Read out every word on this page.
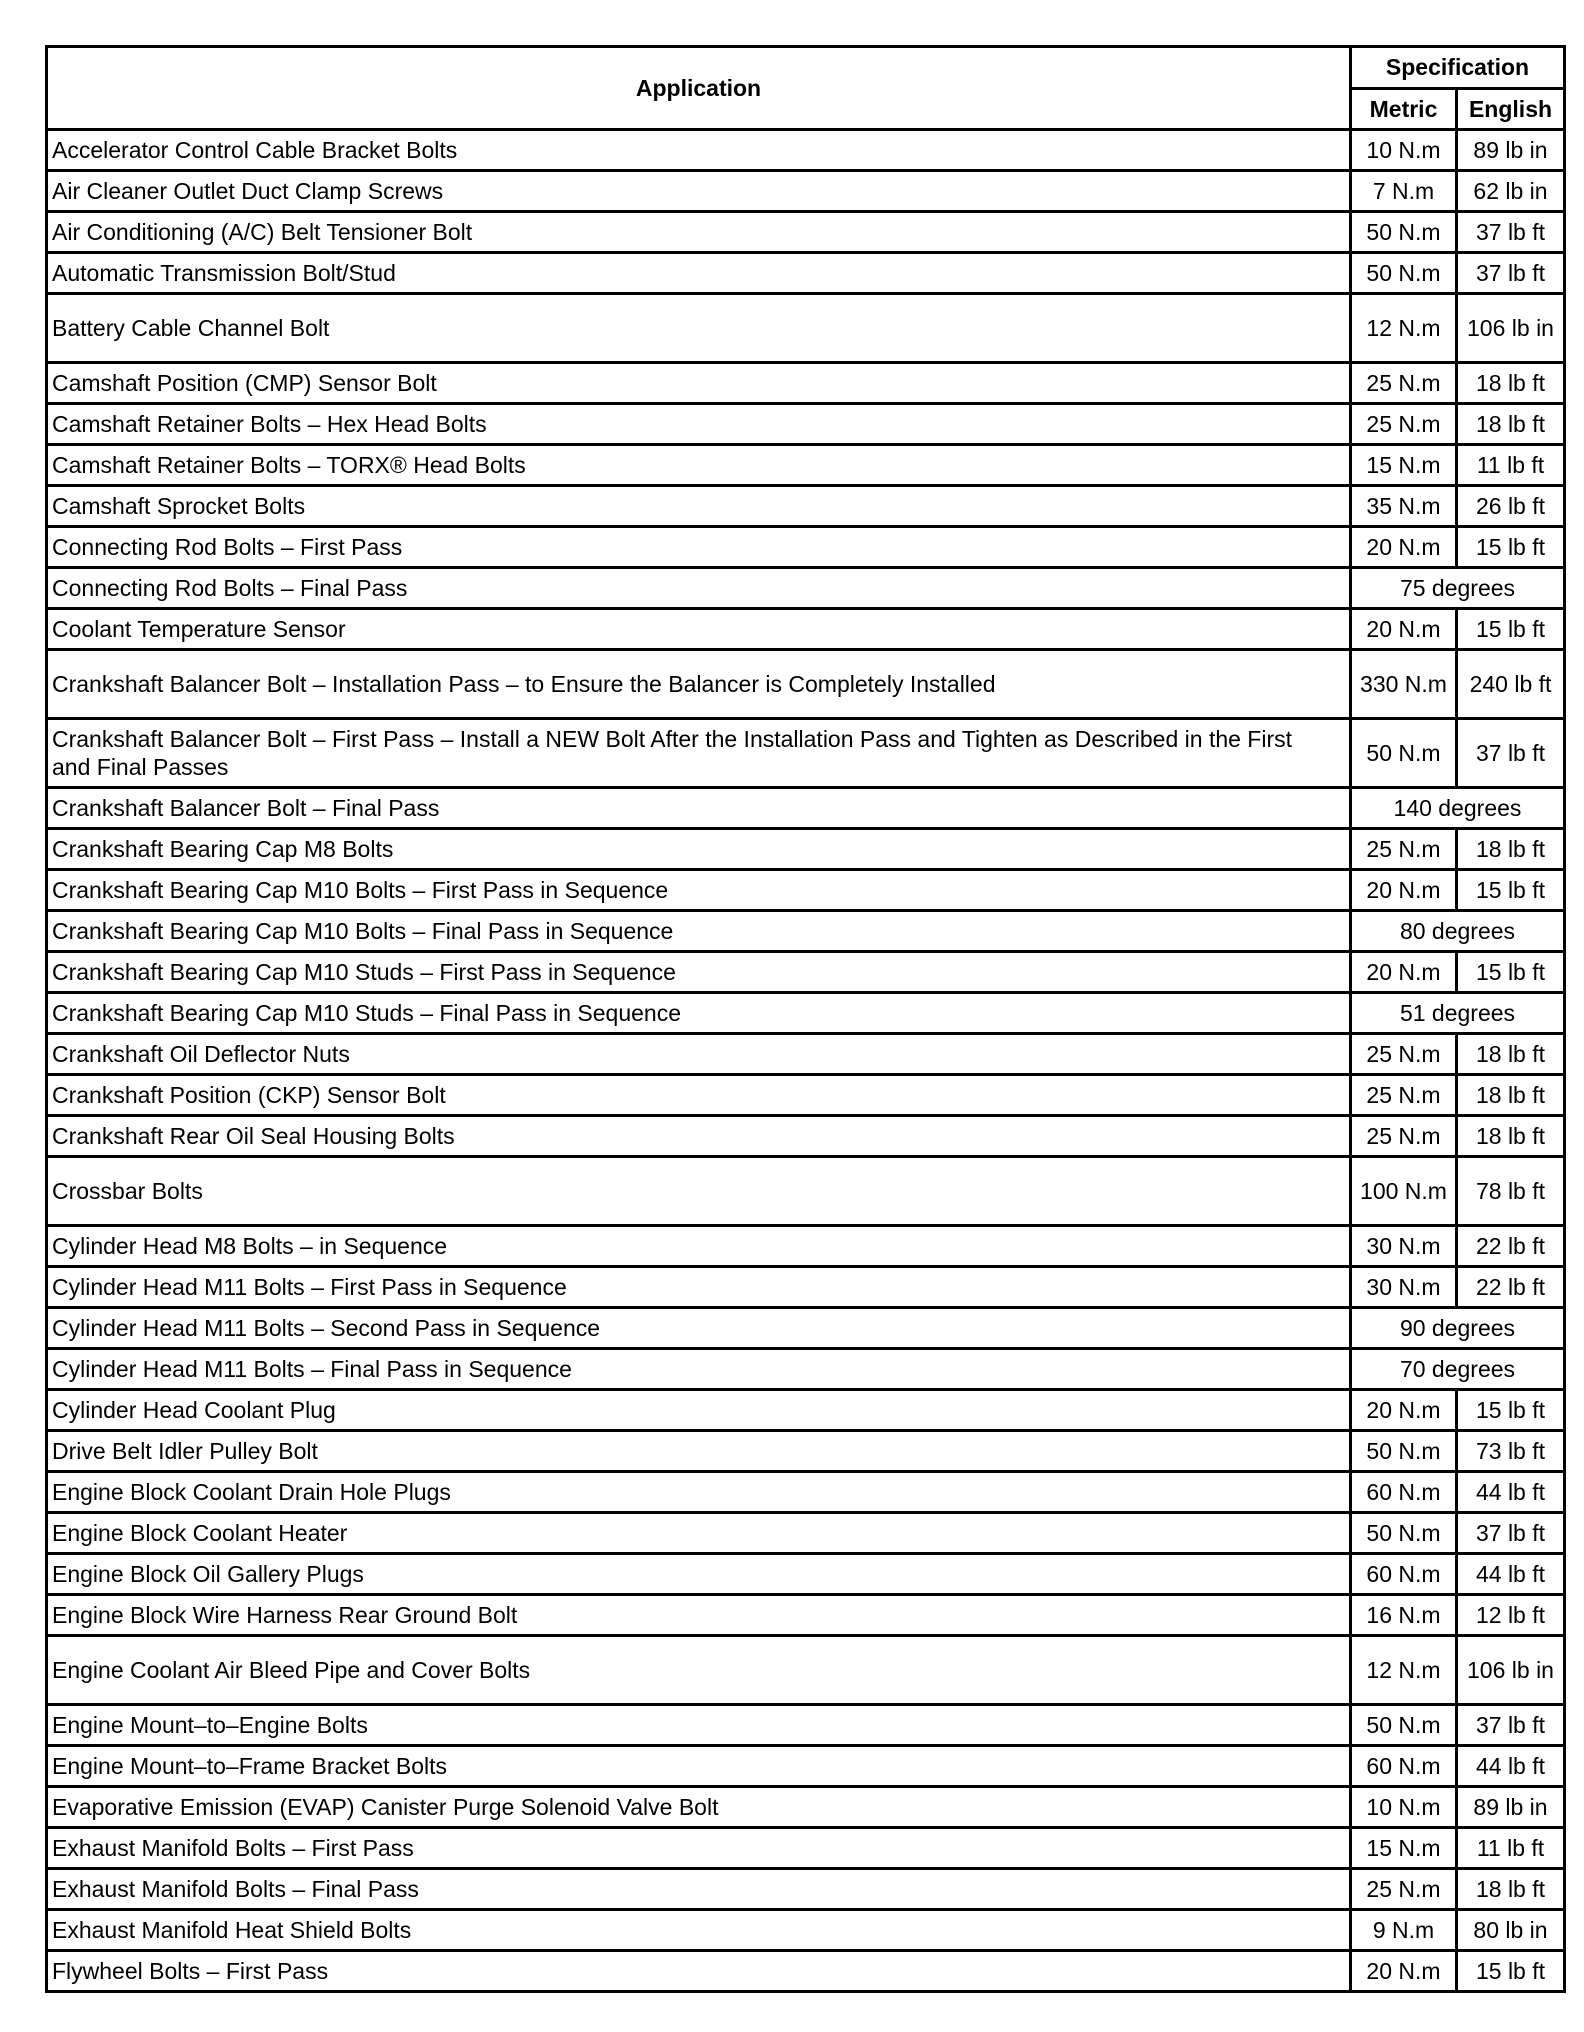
Application	Specification	
	Metric	English
Accelerator Control Cable Bracket Bolts	10 N.m	89 lb in
Air Cleaner Outlet Duct Clamp Screws	7 N.m	62 lb in
Air Conditioning (A/C) Belt Tensioner Bolt	50 N.m	37 lb ft
Automatic Transmission Bolt/Stud	50 N.m	37 lb ft
Battery Cable Channel Bolt	12 N.m	106 lb in
Camshaft Position (CMP) Sensor Bolt	25 N.m	18 lb ft
Camshaft Retainer Bolts – Hex Head Bolts	25 N.m	18 lb ft
Camshaft Retainer Bolts – TORX® Head Bolts	15 N.m	11 lb ft
Camshaft Sprocket Bolts	35 N.m	26 lb ft
Connecting Rod Bolts – First Pass	20 N.m	15 lb ft
Connecting Rod Bolts – Final Pass	75 degrees	
Coolant Temperature Sensor	20 N.m	15 lb ft
Crankshaft Balancer Bolt – Installation Pass – to Ensure the Balancer is Completely Installed	330 N.m	240 lb ft
Crankshaft Balancer Bolt – First Pass – Install a NEW Bolt After the Installation Pass and Tighten as Described in the First and Final Passes	50 N.m	37 lb ft
Crankshaft Balancer Bolt – Final Pass	140 degrees	
Crankshaft Bearing Cap M8 Bolts	25 N.m	18 lb ft
Crankshaft Bearing Cap M10 Bolts – First Pass in Sequence	20 N.m	15 lb ft
Crankshaft Bearing Cap M10 Bolts – Final Pass in Sequence	80 degrees	
Crankshaft Bearing Cap M10 Studs – First Pass in Sequence	20 N.m	15 lb ft
Crankshaft Bearing Cap M10 Studs – Final Pass in Sequence	51 degrees	
Crankshaft Oil Deflector Nuts	25 N.m	18 lb ft
Crankshaft Position (CKP) Sensor Bolt	25 N.m	18 lb ft
Crankshaft Rear Oil Seal Housing Bolts	25 N.m	18 lb ft
Crossbar Bolts	100 N.m	78 lb ft
Cylinder Head M8 Bolts – in Sequence	30 N.m	22 lb ft
Cylinder Head M11 Bolts – First Pass in Sequence	30 N.m	22 lb ft
Cylinder Head M11 Bolts – Second Pass in Sequence	90 degrees	
Cylinder Head M11 Bolts – Final Pass in Sequence	70 degrees	
Cylinder Head Coolant Plug	20 N.m	15 lb ft
Drive Belt Idler Pulley Bolt	50 N.m	73 lb ft
Engine Block Coolant Drain Hole Plugs	60 N.m	44 lb ft
Engine Block Coolant Heater	50 N.m	37 lb ft
Engine Block Oil Gallery Plugs	60 N.m	44 lb ft
Engine Block Wire Harness Rear Ground Bolt	16 N.m	12 lb ft
Engine Coolant Air Bleed Pipe and Cover Bolts	12 N.m	106 lb in
Engine Mount–to–Engine Bolts	50 N.m	37 lb ft
Engine Mount–to–Frame Bracket Bolts	60 N.m	44 lb ft
Evaporative Emission (EVAP) Canister Purge Solenoid Valve Bolt	10 N.m	89 lb in
Exhaust Manifold Bolts – First Pass	15 N.m	11 lb ft
Exhaust Manifold Bolts – Final Pass	25 N.m	18 lb ft
Exhaust Manifold Heat Shield Bolts	9 N.m	80 lb in
Flywheel Bolts – First Pass	20 N.m	15 lb ft
